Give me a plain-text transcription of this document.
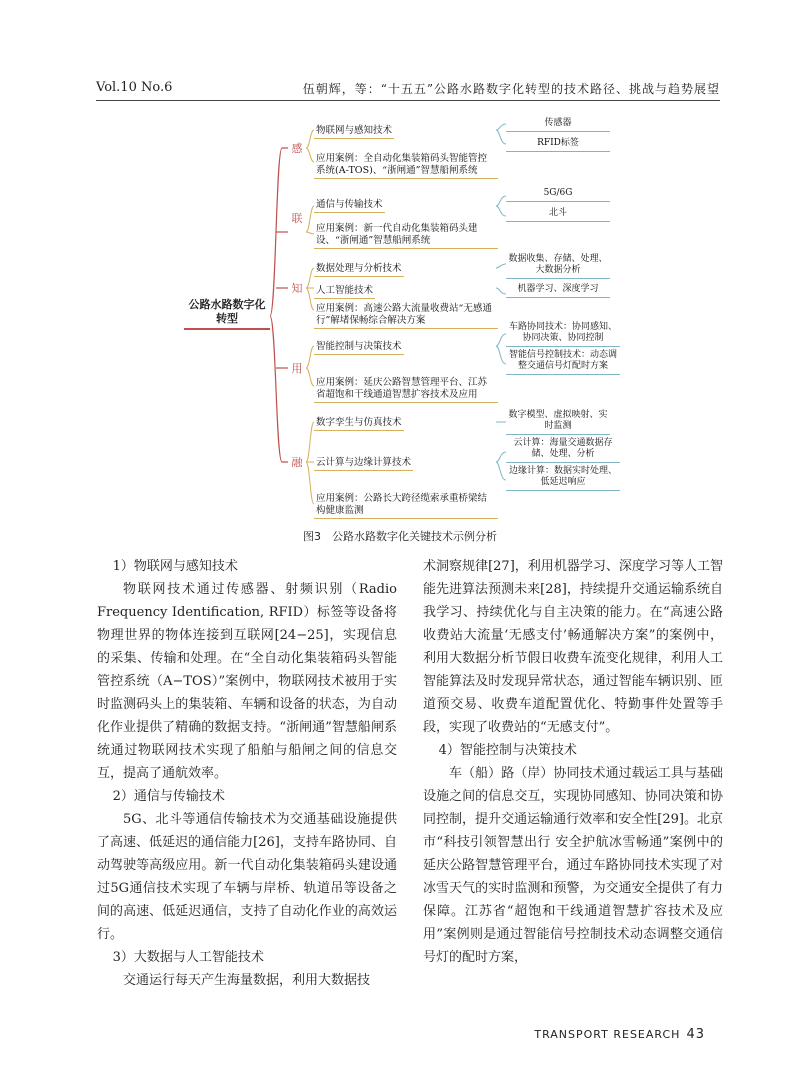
Vol.10 No.6	伍朝辉，等：“十五五”公路水路数字化转型的技术路径、挑战与趋势展望
公路水路数字化转型
感
物联网与感知技术
应用案例：全自动化集装箱码头智能管控系统(A-TOS)、“浙闸通”智慧船闸系统
传感器
RFID标签
联
通信与传输技术
应用案例：新一代自动化集装箱码头建设、“浙闸通”智慧船闸系统
5G/6G
北斗
知
数据处理与分析技术
人工智能技术
应用案例：高速公路大流量收费站“无感通行”解堵保畅综合解决方案
数据收集、存储、处理、大数据分析
机器学习、深度学习
用
智能控制与决策技术
应用案例：延庆公路智慧管理平台、江苏省超饱和干线通道智慧扩容技术及应用
车路协同技术：协同感知、协同决策、协同控制
智能信号控制技术：动态调整交通信号灯配时方案
融
数字孪生与仿真技术
云计算与边缘计算技术
应用案例：公路长大跨径缆索承重桥梁结构健康监测
数字模型、虚拟映射、实时监测
云计算：海量交通数据存储、处理、分析
边缘计算：数据实时处理、低延迟响应
图3　公路水路数字化关键技术示例分析

1）物联网与感知技术

物联网技术通过传感器、射频识别（Radio Frequency Identification, RFID）标签等设备将物理世界的物体连接到互联网[24−25]，实现信息的采集、传输和处理。在“全自动化集装箱码头智能管控系统（A−TOS）”案例中，物联网技术被用于实时监测码头上的集装箱、车辆和设备的状态，为自动化作业提供了精确的数据支持。“浙闸通”智慧船闸系统通过物联网技术实现了船舶与船闸之间的信息交互，提高了通航效率。

2）通信与传输技术

5G、北斗等通信传输技术为交通基础设施提供了高速、低延迟的通信能力[26]，支持车路协同、自动驾驶等高级应用。新一代自动化集装箱码头建设通过5G通信技术实现了车辆与岸桥、轨道吊等设备之间的高速、低延迟通信，支持了自动化作业的高效运行。

3）大数据与人工智能技术

交通运行每天产生海量数据，利用大数据技

术洞察规律[27]，利用机器学习、深度学习等人工智能先进算法预测未来[28]，持续提升交通运输系统自我学习、持续优化与自主决策的能力。在“高速公路收费站大流量‘无感支付’畅通解决方案”的案例中，利用大数据分析节假日收费车流变化规律，利用人工智能算法及时发现异常状态，通过智能车辆识别、匝道预交易、收费车道配置优化、特勤事件处置等手段，实现了收费站的“无感支付”。

4）智能控制与决策技术

车（船）路（岸）协同技术通过载运工具与基础设施之间的信息交互，实现协同感知、协同决策和协同控制，提升交通运输通行效率和安全性[29]。北京市“科技引领智慧出行 安全护航冰雪畅通”案例中的延庆公路智慧管理平台，通过车路协同技术实现了对冰雪天气的实时监测和预警，为交通安全提供了有力保障。江苏省“超饱和干线通道智慧扩容技术及应用”案例则是通过智能信号控制技术动态调整交通信号灯的配时方案，

TRANSPORT RESEARCH 43
